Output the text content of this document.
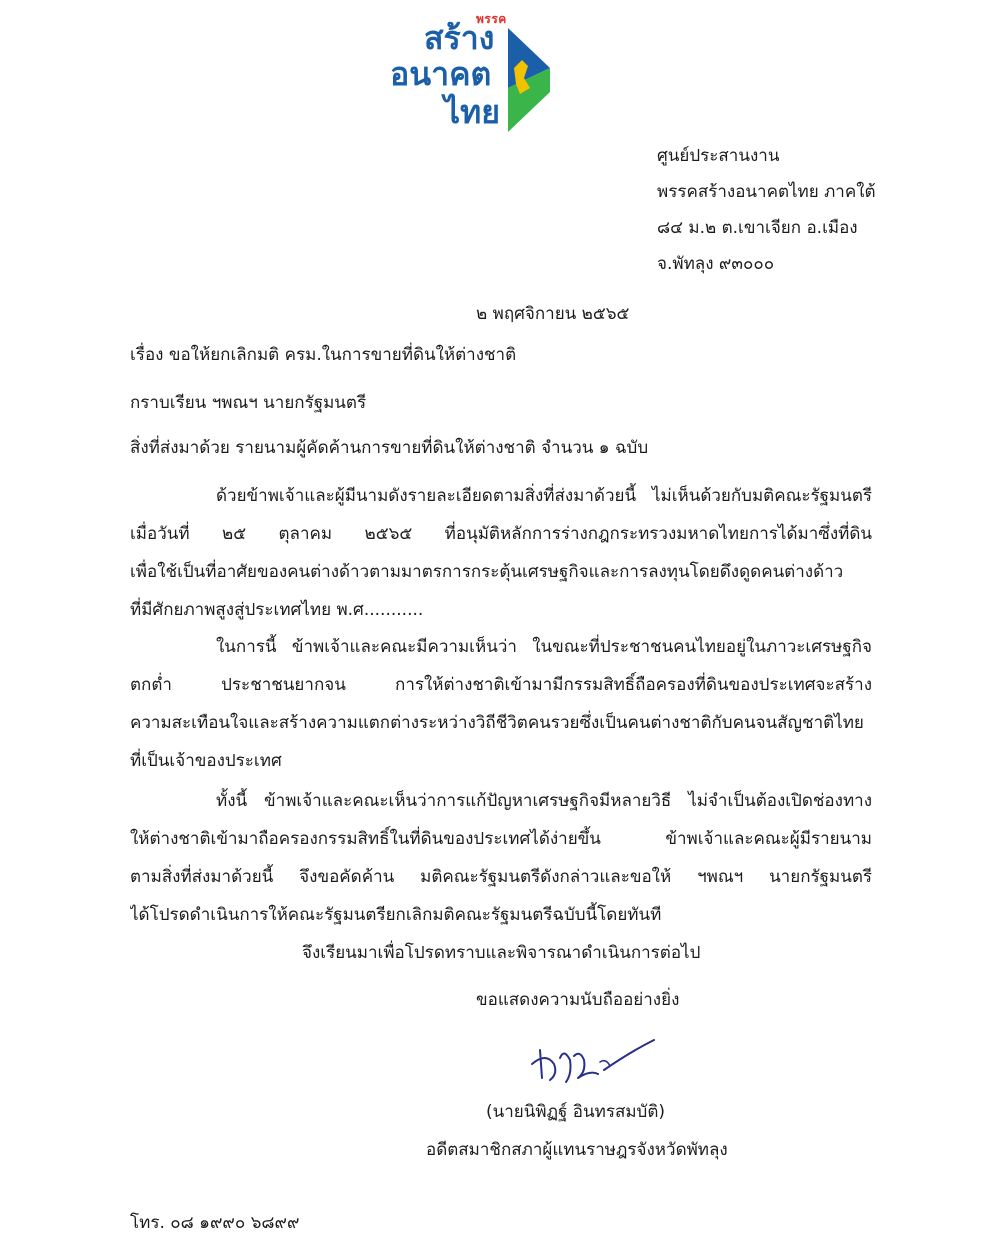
พรรค
สร้าง
อนาคต
ไทย
ศูนย์ประสานงาน
พรรคสร้างอนาคตไทย ภาคใต้
๘๔ ม.๒ ต.เขาเจียก อ.เมือง
จ.พัทลุง ๙๓๐๐๐
๒ พฤศจิกายน ๒๕๖๕
เรื่อง ขอให้ยกเลิกมติ ครม.ในการขายที่ดินให้ต่างชาติ
กราบเรียน ฯพณฯ นายกรัฐมนตรี
สิ่งที่ส่งมาด้วย รายนามผู้คัดค้านการขายที่ดินให้ต่างชาติ จำนวน ๑ ฉบับ
ด้วยข้าพเจ้าและผู้มีนามดังรายละเอียดตามสิ่งที่ส่งมาด้วยนี้ ไม่เห็นด้วยกับมติคณะรัฐมนตรี
เมื่อวันที่ ๒๕ ตุลาคม ๒๕๖๕ ที่อนุมัติหลักการร่างกฎกระทรวงมหาดไทยการได้มาซึ่งที่ดิน
เพื่อใช้เป็นที่อาศัยของคนต่างด้าวตามมาตรการกระตุ้นเศรษฐกิจและการลงทุนโดยดึงดูดคนต่างด้าว
ที่มีศักยภาพสูงสู่ประเทศไทย พ.ศ...........
ในการนี้ ข้าพเจ้าและคณะมีความเห็นว่า ในขณะที่ประชาชนคนไทยอยู่ในภาวะเศรษฐกิจ
ตกต่ำ ประชาชนยากจน การให้ต่างชาติเข้ามามีกรรมสิทธิ์ถือครองที่ดินของประเทศจะสร้าง
ความสะเทือนใจและสร้างความแตกต่างระหว่างวิถีชีวิตคนรวยซึ่งเป็นคนต่างชาติกับคนจนสัญชาติไทย
ที่เป็นเจ้าของประเทศ
ทั้งนี้ ข้าพเจ้าและคณะเห็นว่าการแก้ปัญหาเศรษฐกิจมีหลายวิธี ไม่จำเป็นต้องเปิดช่องทาง
ให้ต่างชาติเข้ามาถือครองกรรมสิทธิ์ในที่ดินของประเทศได้ง่ายขึ้น ข้าพเจ้าและคณะผู้มีรายนาม
ตามสิ่งที่ส่งมาด้วยนี้ จึงขอคัดค้าน มติคณะรัฐมนตรีดังกล่าวและขอให้ ฯพณฯ นายกรัฐมนตรี
ได้โปรดดำเนินการให้คณะรัฐมนตรียกเลิกมติคณะรัฐมนตรีฉบับนี้โดยทันที
จึงเรียนมาเพื่อโปรดทราบและพิจารณาดำเนินการต่อไป
ขอแสดงความนับถืออย่างยิ่ง
(นายนิพิฏฐ์ อินทรสมบัติ)
อดีตสมาชิกสภาผู้แทนราษฎรจังหวัดพัทลุง
โทร. ๐๘ ๑๙๙๐ ๖๘๙๙
